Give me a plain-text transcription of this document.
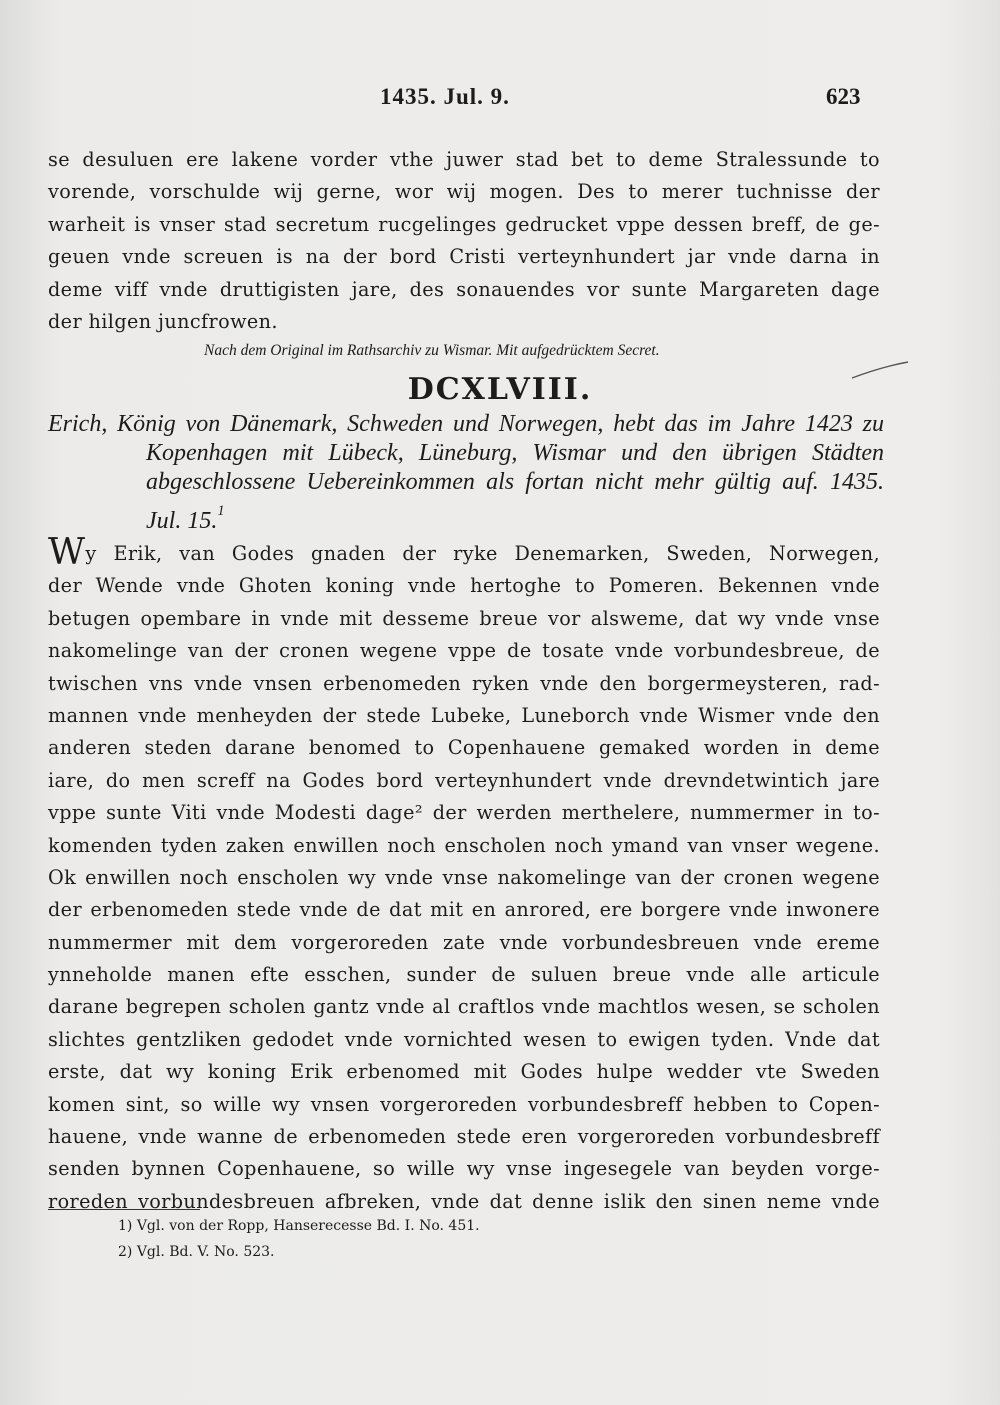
1435. Jul. 9.	623
se desuluen ere lakene vorder vthe juwer stad bet to deme Stralessunde to
vorende, vorschulde wij gerne, wor wij mogen. Des to merer tuchnisse der
warheit is vnser stad secretum rucgelinges gedrucket vppe dessen breff, de ge-
geuen vnde screuen is na der bord Cristi verteynhundert jar vnde darna in
deme viff vnde druttigisten jare, des sonauendes vor sunte Margareten dage
der hilgen juncfrowen.
Nach dem Original im Rathsarchiv zu Wismar. Mit aufgedrücktem Secret.
DCXLVIII.
Erich, König von Dänemark, Schweden und Norwegen, hebt das im Jahre 1423 zu
Kopenhagen mit Lübeck, Lüneburg, Wismar und den übrigen Städten
abgeschlossene Uebereinkommen als fortan nicht mehr gültig auf. 1435.
Jul. 15.$^1$
Wy Erik, van Godes gnaden der ryke Denemarken, Sweden, Norwegen,
der Wende vnde Ghoten koning vnde hertoghe to Pomeren. Bekennen vnde
betugen opembare in vnde mit desseme breue vor alsweme, dat wy vnde vnse
nakomelinge van der cronen wegene vppe de tosate vnde vorbundesbreue, de
twischen vns vnde vnsen erbenomeden ryken vnde den borgermeysteren, rad-
mannen vnde menheyden der stede Lubeke, Luneborch vnde Wismer vnde den
anderen steden darane benomed to Copenhauene gemaked worden in deme
iare, do men screff na Godes bord verteynhundert vnde drevndetwintich jare
vppe sunte Viti vnde Modesti dage² der werden merthelere, nummermer in to-
komenden tyden zaken enwillen noch enscholen noch ymand van vnser wegene.
Ok enwillen noch enscholen wy vnde vnse nakomelinge van der cronen wegene
der erbenomeden stede vnde de dat mit en anrored, ere borgere vnde inwonere
nummermer mit dem vorgeroreden zate vnde vorbundesbreuen vnde ereme
ynneholde manen efte esschen, sunder de suluen breue vnde alle articule
darane begrepen scholen gantz vnde al craftlos vnde machtlos wesen, se scholen
slichtes gentzliken gedodet vnde vornichted wesen to ewigen tyden. Vnde dat
erste, dat wy koning Erik erbenomed mit Godes hulpe wedder vte Sweden
komen sint, so wille wy vnsen vorgeroreden vorbundesbreff hebben to Copen-
hauene, vnde wanne de erbenomeden stede eren vorgeroreden vorbundesbreff
senden bynnen Copenhauene, so wille wy vnse ingesegele van beyden vorge-
roreden vorbundesbreuen afbreken, vnde dat denne islik den sinen neme vnde
1) Vgl. von der Ropp, Hanserecesse Bd. I. No. 451.
2) Vgl. Bd. V. No. 523.
